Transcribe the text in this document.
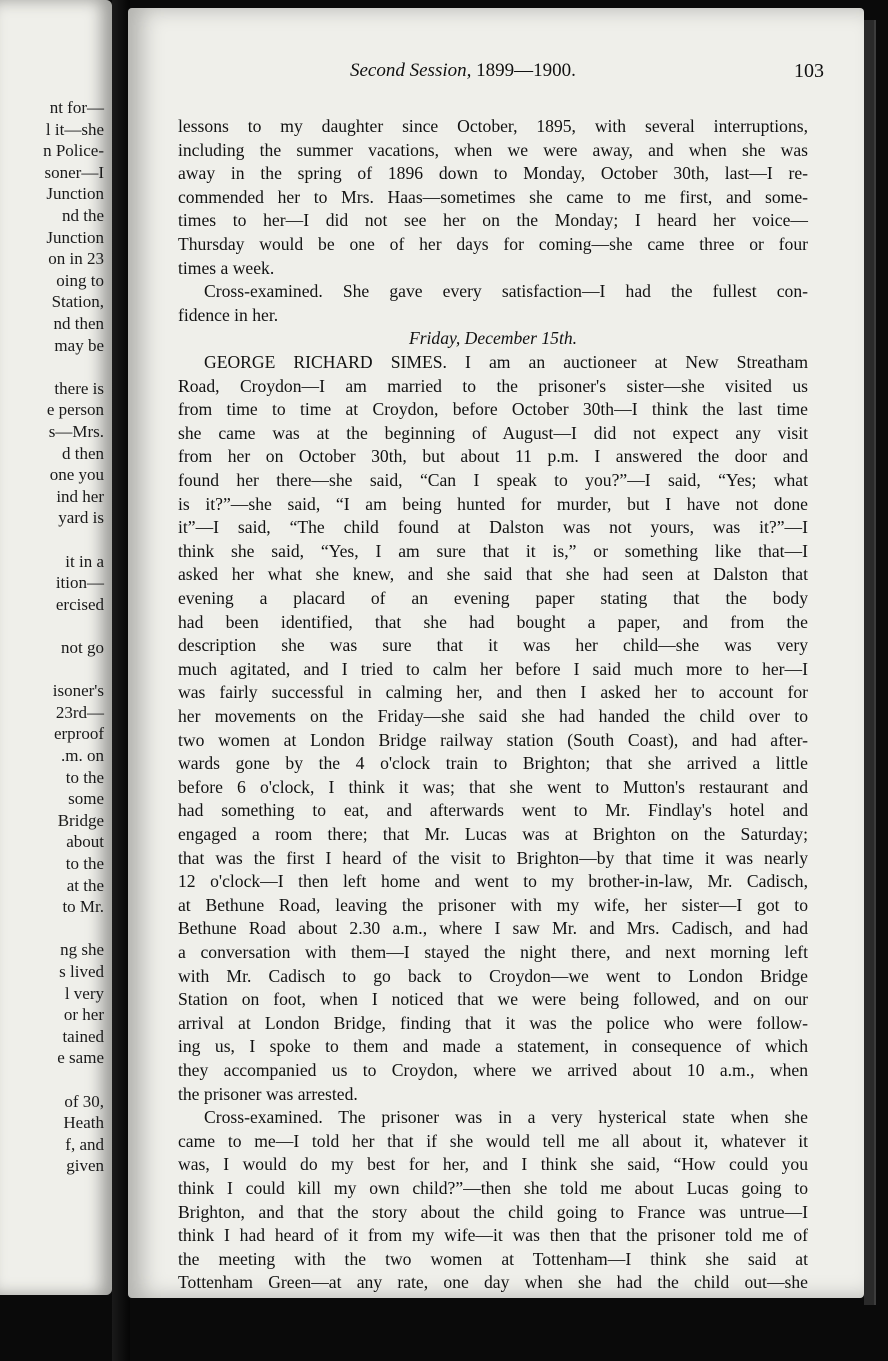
nt for—
l it—she
n Police-
soner—I
Junction
nd the
Junction
on in 23
oing to
Station,
nd then
may be
there is
e person
s—Mrs.
d then
one you
ind her
yard is
it in a
ition—
ercised
not go
isoner's
23rd—
erproof
.m. on
to the
some
Bridge
about
to the
at the
to Mr.
ng she
s lived
l very
or her
tained
e same
of 30,
Heath
f, and
given
Second Session, 1899—1900.	103
lessons to my daughter since October, 1895, with several interruptions,
including the summer vacations, when we were away, and when she was
away in the spring of 1896 down to Monday, October 30th, last—I re-
commended her to Mrs. Haas—sometimes she came to me first, and some-
times to her—I did not see her on the Monday; I heard her voice—
Thursday would be one of her days for coming—she came three or four
times a week.
Cross-examined. She gave every satisfaction—I had the fullest con-
fidence in her.
Friday, December 15th.
GEORGE RICHARD SIMES. I am an auctioneer at New Streatham
Road, Croydon—I am married to the prisoner's sister—she visited us
from time to time at Croydon, before October 30th—I think the last time
she came was at the beginning of August—I did not expect any visit
from her on October 30th, but about 11 p.m. I answered the door and
found her there—she said, “Can I speak to you?”—I said, “Yes; what
is it?”—she said, “I am being hunted for murder, but I have not done
it”—I said, “The child found at Dalston was not yours, was it?”—I
think she said, “Yes, I am sure that it is,” or something like that—I
asked her what she knew, and she said that she had seen at Dalston that
evening a placard of an evening paper stating that the body
had been identified, that she had bought a paper, and from the
description she was sure that it was her child—she was very
much agitated, and I tried to calm her before I said much more to her—I
was fairly successful in calming her, and then I asked her to account for
her movements on the Friday—she said she had handed the child over to
two women at London Bridge railway station (South Coast), and had after-
wards gone by the 4 o'clock train to Brighton; that she arrived a little
before 6 o'clock, I think it was; that she went to Mutton's restaurant and
had something to eat, and afterwards went to Mr. Findlay's hotel and
engaged a room there; that Mr. Lucas was at Brighton on the Saturday;
that was the first I heard of the visit to Brighton—by that time it was nearly
12 o'clock—I then left home and went to my brother-in-law, Mr. Cadisch,
at Bethune Road, leaving the prisoner with my wife, her sister—I got to
Bethune Road about 2.30 a.m., where I saw Mr. and Mrs. Cadisch, and had
a conversation with them—I stayed the night there, and next morning left
with Mr. Cadisch to go back to Croydon—we went to London Bridge
Station on foot, when I noticed that we were being followed, and on our
arrival at London Bridge, finding that it was the police who were follow-
ing us, I spoke to them and made a statement, in consequence of which
they accompanied us to Croydon, where we arrived about 10 a.m., when
the prisoner was arrested.
Cross-examined. The prisoner was in a very hysterical state when she
came to me—I told her that if she would tell me all about it, whatever it
was, I would do my best for her, and I think she said, “How could you
think I could kill my own child?”—then she told me about Lucas going to
Brighton, and that the story about the child going to France was untrue—I
think I had heard of it from my wife—it was then that the prisoner told me of
the meeting with the two women at Tottenham—I think she said at
Tottenham Green—at any rate, one day when she had the child out—she
